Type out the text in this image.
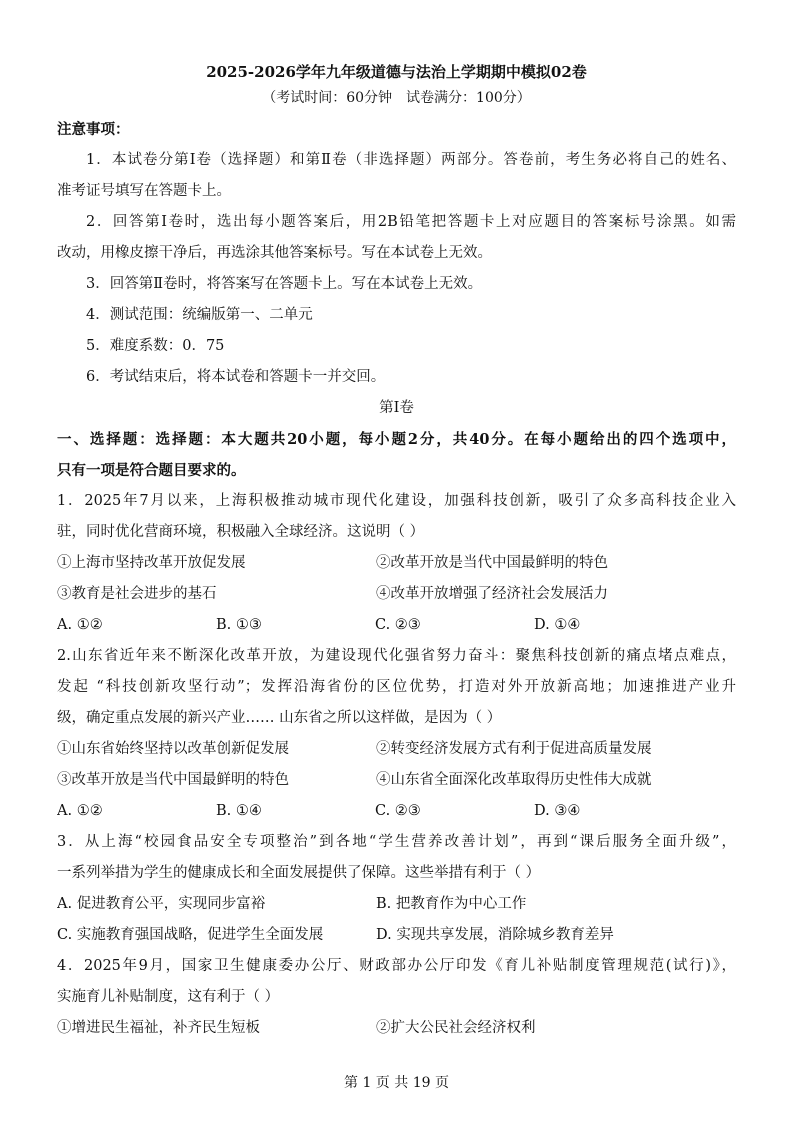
2025-2026学年九年级道德与法治上学期期中模拟02卷
（考试时间：60分钟　试卷满分：100分）
注意事项：
1．本试卷分第Ⅰ卷（选择题）和第Ⅱ卷（非选择题）两部分。答卷前，考生务必将自己的姓名、
准考证号填写在答题卡上。
2．回答第Ⅰ卷时，选出每小题答案后，用2B铅笔把答题卡上对应题目的答案标号涂黑。如需
改动，用橡皮擦干净后，再选涂其他答案标号。写在本试卷上无效。
3．回答第Ⅱ卷时，将答案写在答题卡上。写在本试卷上无效。
4．测试范围：统编版第一、二单元
5．难度系数：0．75
6．考试结束后，将本试卷和答题卡一并交回。
第Ⅰ卷
一、选择题：选择题：本大题共20小题，每小题2分，共40分。在每小题给出的四个选项中，
只有一项是符合题目要求的。
1．2025年7月以来，上海积极推动城市现代化建设，加强科技创新，吸引了众多高科技企业入
驻，同时优化营商环境，积极融入全球经济。这说明（ ）
①上海市坚持改革开放促发展	②改革开放是当代中国最鲜明的特色
③教育是社会进步的基石	④改革开放增强了经济社会发展活力
A. ①②	B. ①③	C. ②③	D. ①④
2.山东省近年来不断深化改革开放，为建设现代化强省努力奋斗：聚焦科技创新的痛点堵点难点，
发起 “科技创新攻坚行动”；发挥沿海省份的区位优势，打造对外开放新高地；加速推进产业升
级，确定重点发展的新兴产业…… 山东省之所以这样做，是因为（ ）
①山东省始终坚持以改革创新促发展	②转变经济发展方式有利于促进高质量发展
③改革开放是当代中国最鲜明的特色	④山东省全面深化改革取得历史性伟大成就
A. ①②	B. ①④	C. ②③	D. ③④
3．从上海“校园食品安全专项整治”到各地“学生营养改善计划”，再到“课后服务全面升级”，
一系列举措为学生的健康成长和全面发展提供了保障。这些举措有利于（ ）
A. 促进教育公平，实现同步富裕	B. 把教育作为中心工作
C. 实施教育强国战略，促进学生全面发展	D. 实现共享发展，消除城乡教育差异
4．2025年9月，国家卫生健康委办公厅、财政部办公厅印发《育儿补贴制度管理规范(试行)》，
实施育儿补贴制度，这有利于（ ）
①增进民生福祉，补齐民生短板	②扩大公民社会经济权利
第 1 页 共 19 页
